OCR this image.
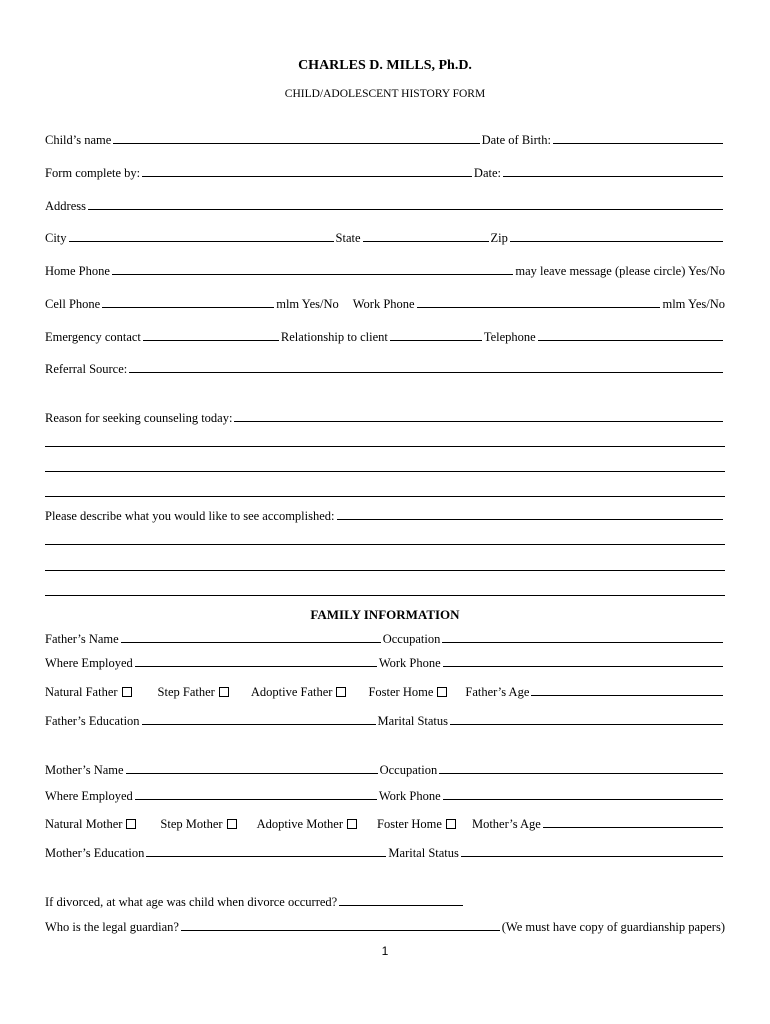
CHARLES D. MILLS, Ph.D.
CHILD/ADOLESCENT HISTORY FORM
Child’s name	Date of Birth:
Form complete by:	Date:
Address
City	State	Zip
Home Phone	may leave message (please circle) Yes/No
Cell Phone	mlm Yes/No Work Phone	mlm Yes/No
Emergency contact	Relationship to client	Telephone
Referral Source:
Reason for seeking counseling today:
Please describe what you would like to see accomplished:
FAMILY INFORMATION
Father’s Name	Occupation
Where Employed	Work Phone
Natural Father	Step Father	Adoptive Father	Foster Home	Father’s Age
Father’s Education	Marital Status
Mother’s Name	Occupation
Where Employed	Work Phone
Natural Mother	Step Mother	Adoptive Mother	Foster Home	Mother’s Age
Mother’s Education	Marital Status
If divorced, at what age was child when divorce occurred?
Who is the legal guardian?	(We must have copy of guardianship papers)
1
